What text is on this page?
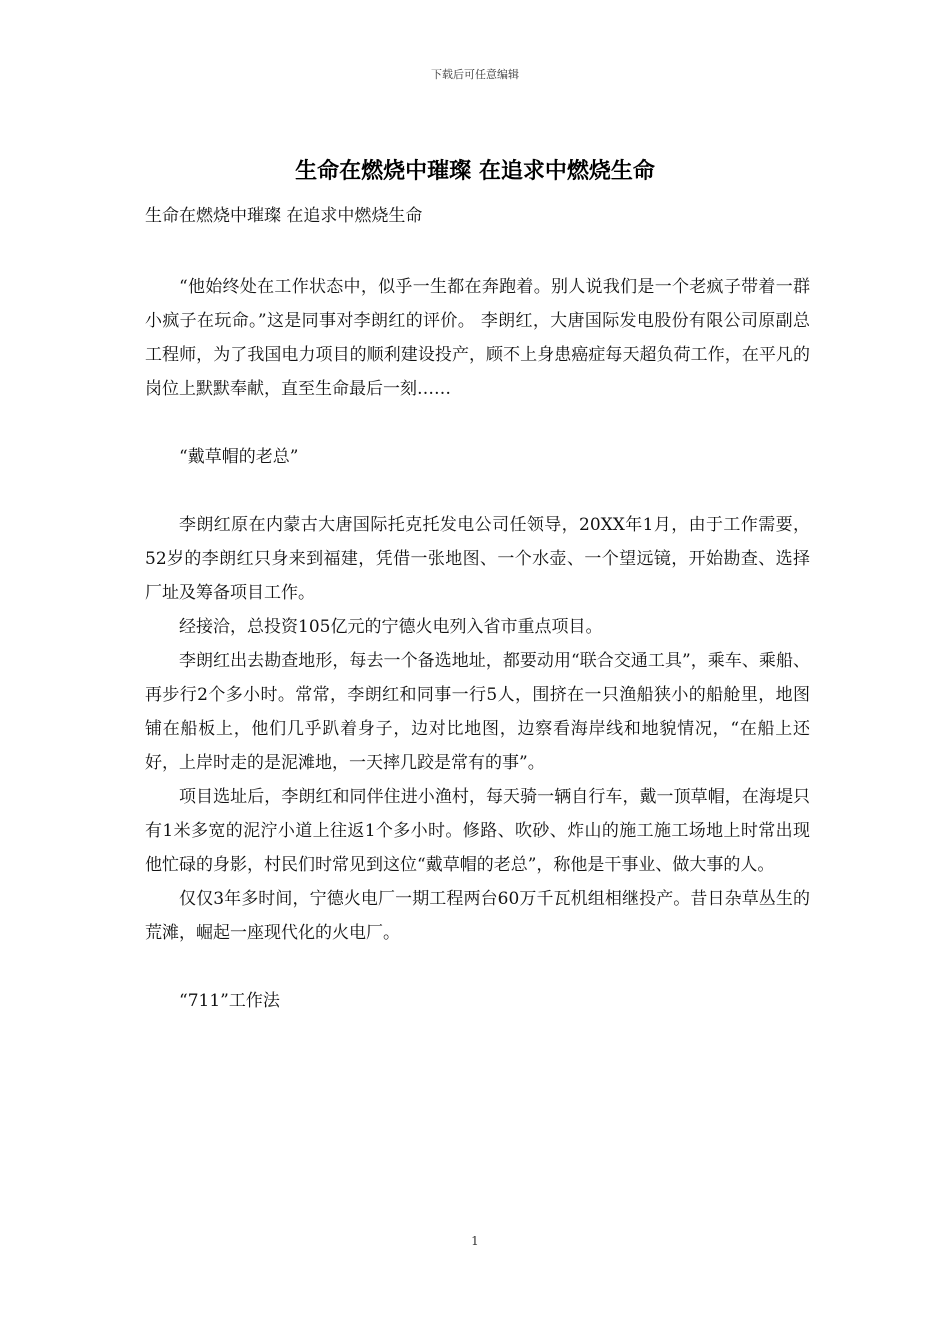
下载后可任意编辑
生命在燃烧中璀璨 在追求中燃烧生命
生命在燃烧中璀璨 在追求中燃烧生命

“他始终处在工作状态中，似乎一生都在奔跑着。别人说我们是一个老疯子带着一群小疯子在玩命。”这是同事对李朗红的评价。 李朗红，大唐国际发电股份有限公司原副总工程师，为了我国电力项目的顺利建设投产，顾不上身患癌症每天超负荷工作，在平凡的岗位上默默奉献，直至生命最后一刻……

“戴草帽的老总”

李朗红原在内蒙古大唐国际托克托发电公司任领导，20XX年1月，由于工作需要，52岁的李朗红只身来到福建，凭借一张地图、一个水壶、一个望远镜，开始勘查、选择厂址及筹备项目工作。

经接洽，总投资105亿元的宁德火电列入省市重点项目。

李朗红出去勘查地形，每去一个备选地址，都要动用“联合交通工具”，乘车、乘船、再步行2个多小时。常常，李朗红和同事一行5人，围挤在一只渔船狭小的船舱里，地图铺在船板上，他们几乎趴着身子，边对比地图，边察看海岸线和地貌情况，“在船上还好，上岸时走的是泥滩地，一天摔几跤是常有的事”。

项目选址后，李朗红和同伴住进小渔村，每天骑一辆自行车，戴一顶草帽，在海堤只有1米多宽的泥泞小道上往返1个多小时。修路、吹砂、炸山的施工施工场地上时常出现他忙碌的身影，村民们时常见到这位“戴草帽的老总”，称他是干事业、做大事的人。

仅仅3年多时间，宁德火电厂一期工程两台60万千瓦机组相继投产。昔日杂草丛生的荒滩，崛起一座现代化的火电厂。

“711”工作法

1
